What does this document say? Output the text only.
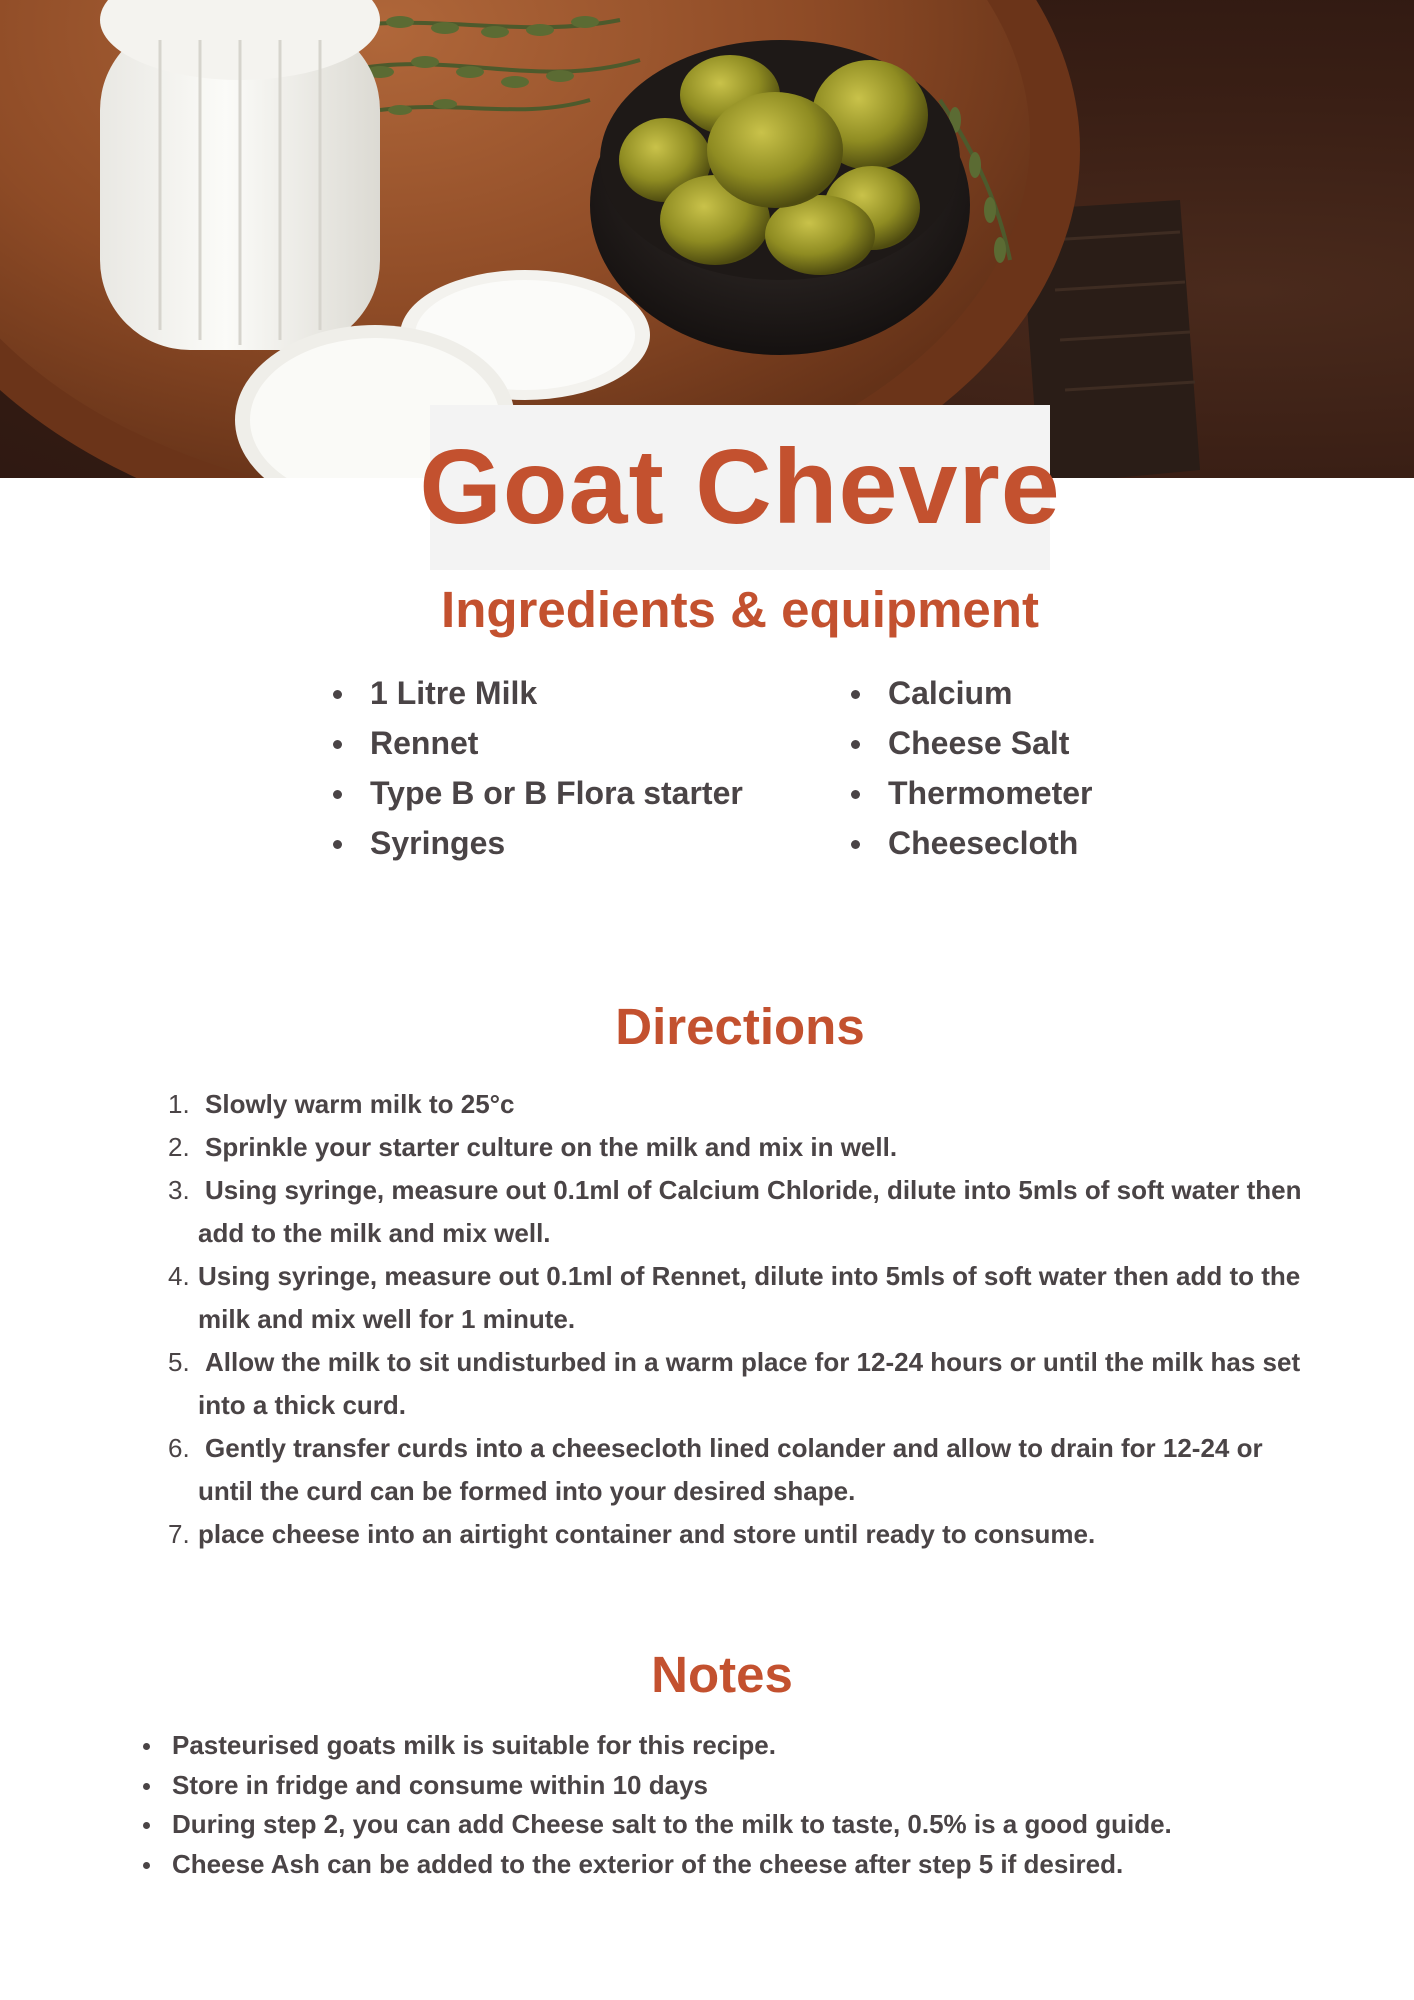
Goat Chevre
Ingredients & equipment
1 Litre Milk
Rennet
Type B or B Flora starter
Syringes
Calcium
Cheese Salt
Thermometer
Cheesecloth
Directions
1. Slowly warm milk to 25°c
2. Sprinkle your starter culture on the milk and mix in well.
3. Using syringe, measure out 0.1ml of Calcium Chloride, dilute into 5mls of soft water then add to the milk and mix well.
4. Using syringe, measure out 0.1ml of Rennet, dilute into 5mls of soft water then add to the milk and mix well for 1 minute.
5. Allow the milk to sit undisturbed in a warm place for 12-24 hours or until the milk has set into a thick curd.
6. Gently transfer curds into a cheesecloth lined colander and allow to drain for 12-24 or until the curd can be formed into your desired shape.
7. place cheese into an airtight container and store until ready to consume.
Notes
Pasteurised goats milk is suitable for this recipe.
Store in fridge and consume within 10 days
During step 2, you can add Cheese salt to the milk to taste, 0.5% is a good guide.
Cheese Ash can be added to the exterior of the cheese after step 5 if desired.
